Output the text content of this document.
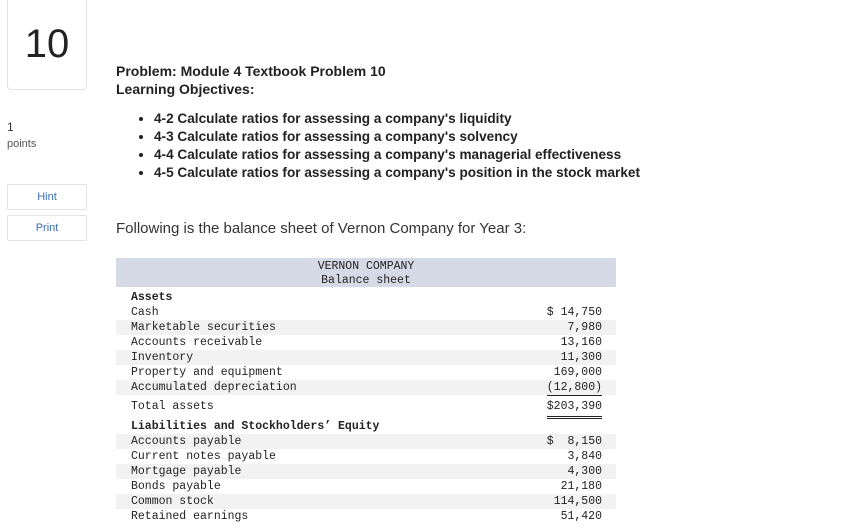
10
1
points
Hint
Print
Problem: Module 4 Textbook Problem 10
Learning Objectives:
• 4-2 Calculate ratios for assessing a company's liquidity
• 4-3 Calculate ratios for assessing a company's solvency
• 4-4 Calculate ratios for assessing a company's managerial effectiveness
• 4-5 Calculate ratios for assessing a company's position in the stock market
Following is the balance sheet of Vernon Company for Year 3:
VERNON COMPANY
Balance sheet
Assets
Cash	$ 14,750
Marketable securities	7,980
Accounts receivable	13,160
Inventory	11,300
Property and equipment	169,000
Accumulated depreciation	(12,800)
Total assets	$203,390
Liabilities and Stockholders’ Equity
Accounts payable	$  8,150
Current notes payable	3,840
Mortgage payable	4,300
Bonds payable	21,180
Common stock	114,500
Retained earnings	51,420
